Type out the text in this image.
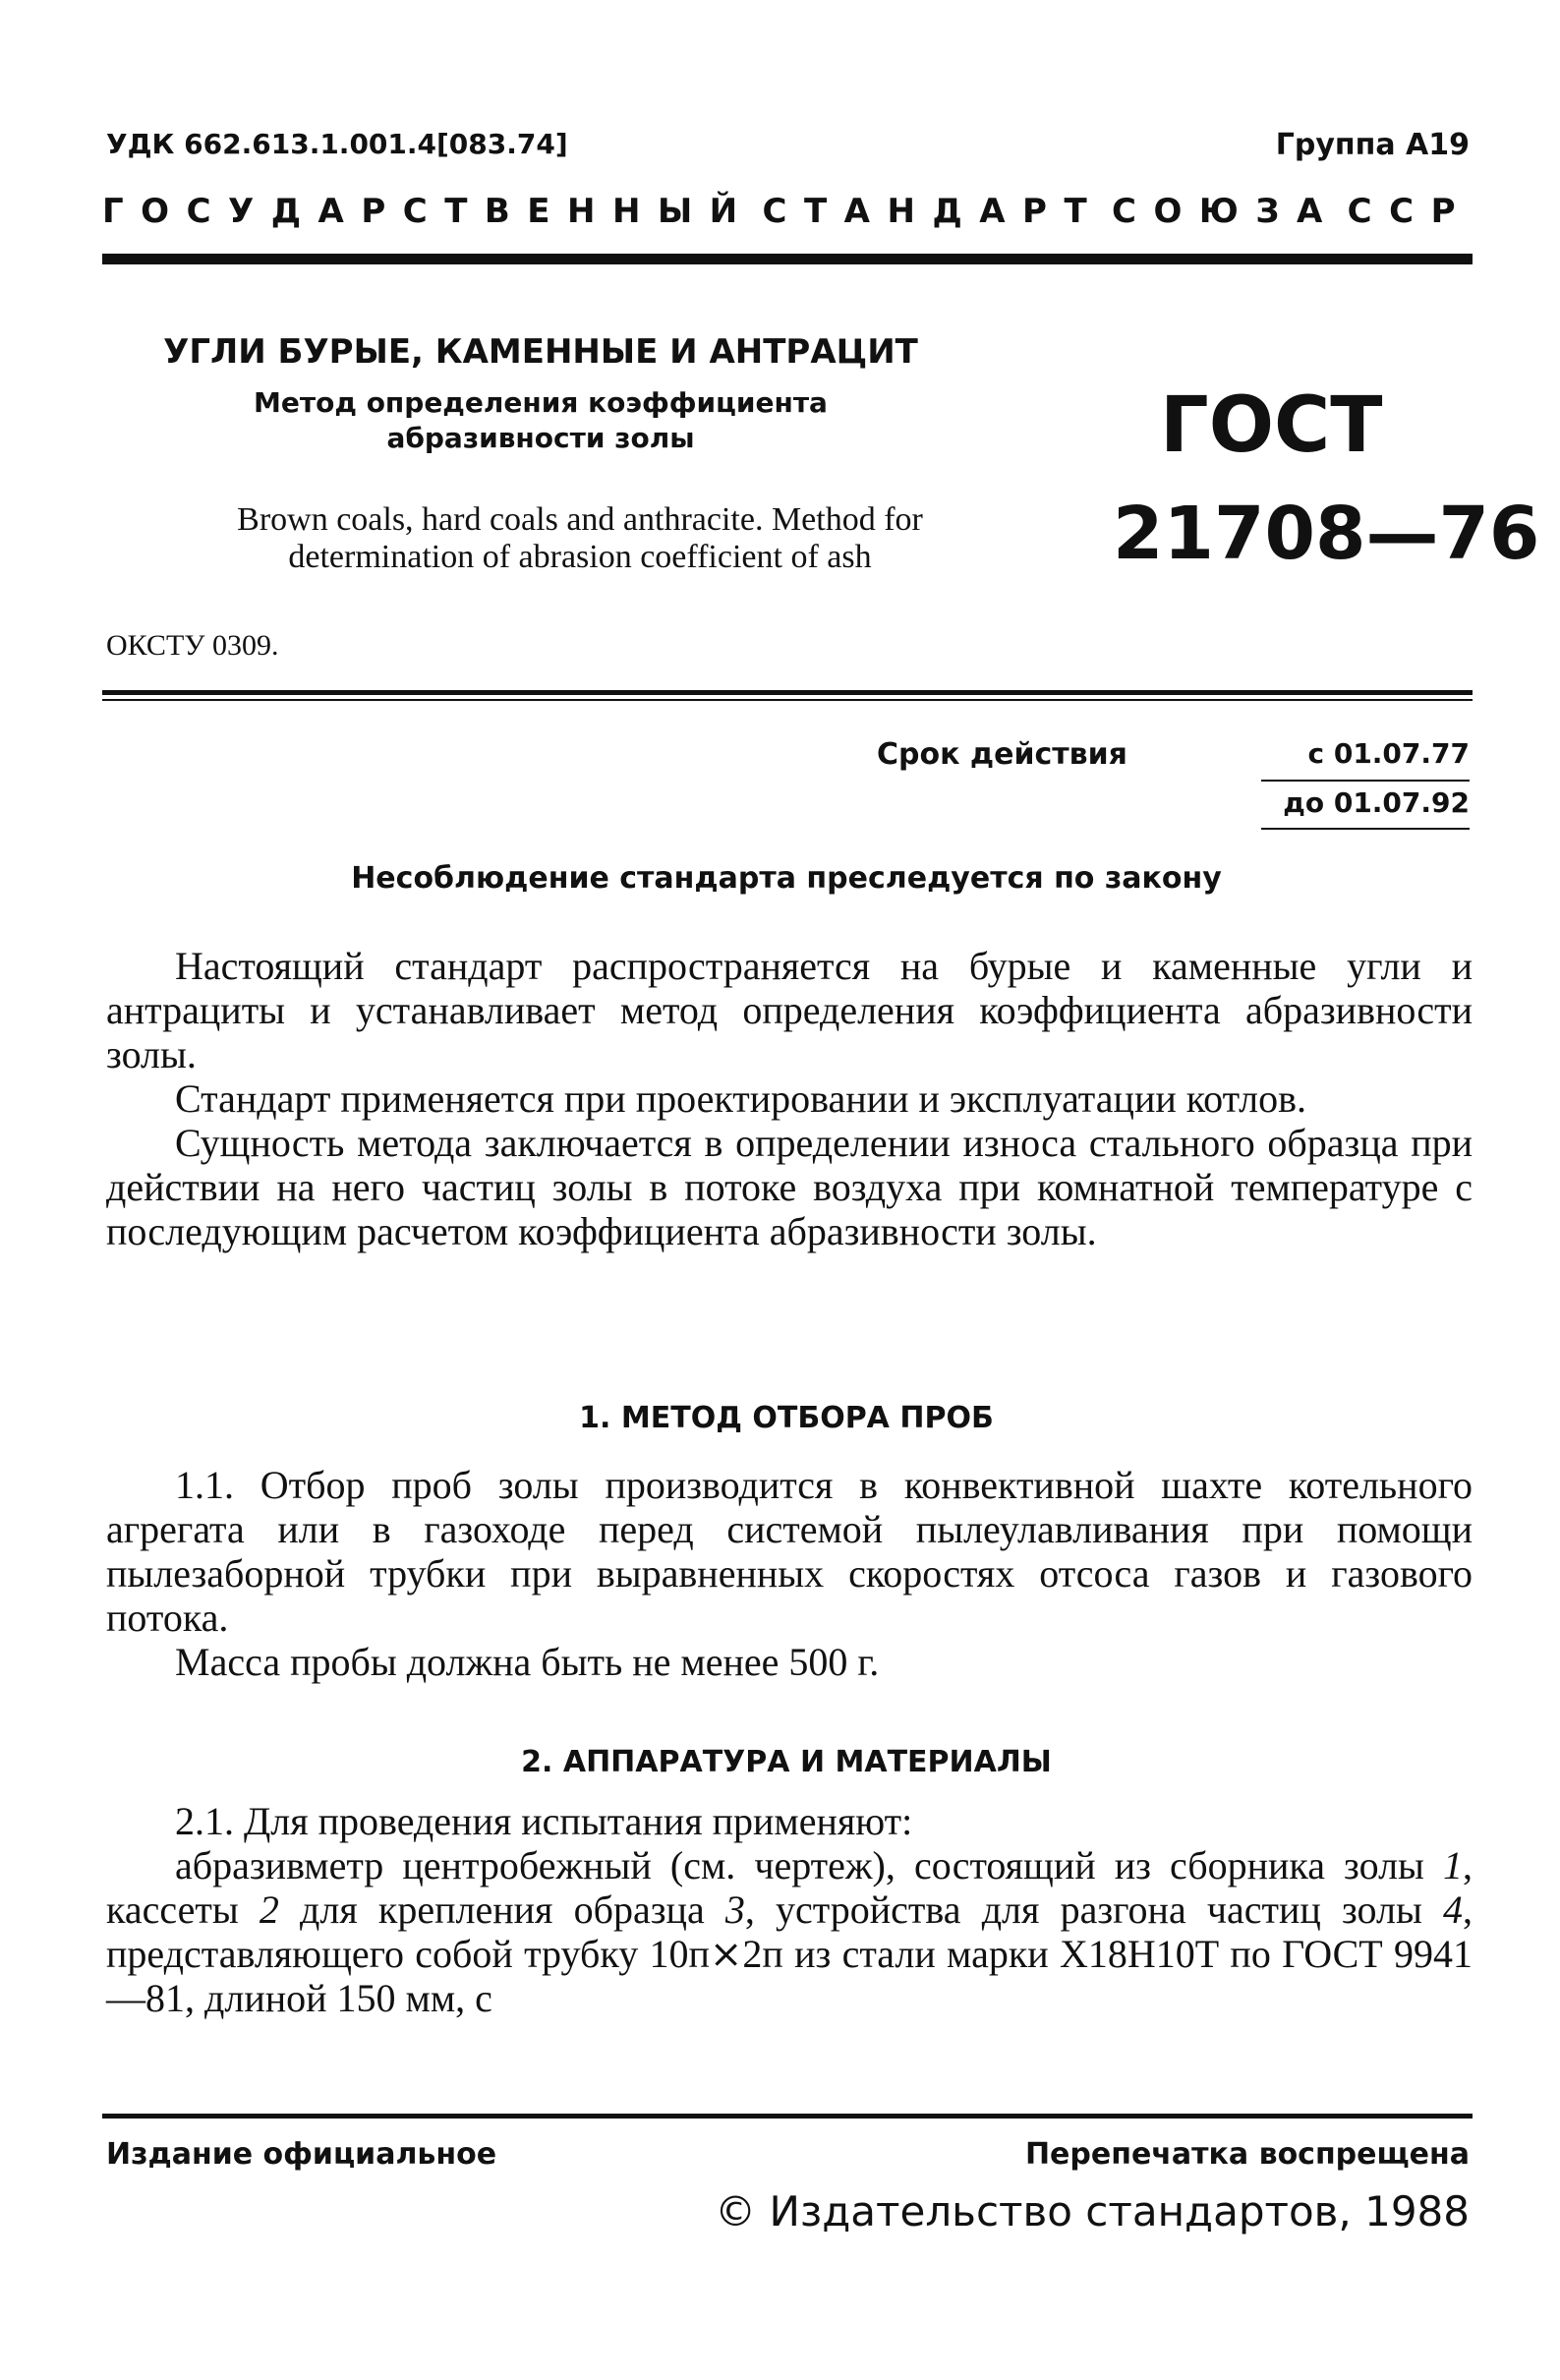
УДК 662.613.1.001.4[083.74]	Группа А19
ГОСУДАРСТВЕННЫЙ СТАНДАРТ СОЮЗА ССР
УГЛИ БУРЫЕ, КАМЕННЫЕ И АНТРАЦИТ
Метод определения коэффициента абразивности золы
Brown coals, hard coals and anthracite. Method for determination of abrasion coefficient of ash
ГОСТ
21708—76
ОКСТУ 0309.
Срок действия	с 01.07.77
до 01.07.92
Несоблюдение стандарта преследуется по закону

Настоящий стандарт распространяется на бурые и каменные угли и антрациты и устанавливает метод определения коэффициента абразивности золы.

Стандарт применяется при проектировании и эксплуатации котлов.

Сущность метода заключается в определении износа стального образца при действии на него частиц золы в потоке воздуха при комнатной температуре с последующим расчетом коэффициента абразивности золы.

1. МЕТОД ОТБОРА ПРОБ

1.1. Отбор проб золы производится в конвективной шахте котельного агрегата или в газоходе перед системой пылеулавливания при помощи пылезаборной трубки при выравненных скоростях отсоса газов и газового потока.

Масса пробы должна быть не менее 500 г.

2. АППАРАТУРА И МАТЕРИАЛЫ

2.1. Для проведения испытания применяют:

абразивметр центробежный (см. чертеж), состоящий из сборника золы 1, кассеты 2 для крепления образца 3, устройства для разгона частиц золы 4, представляющего собой трубку 10п⨯2п из стали марки Х18Н10Т по ГОСТ 9941—81, длиной 150 мм, с

Издание официальное	Перепечатка воспрещена
© Издательство стандартов, 1988
